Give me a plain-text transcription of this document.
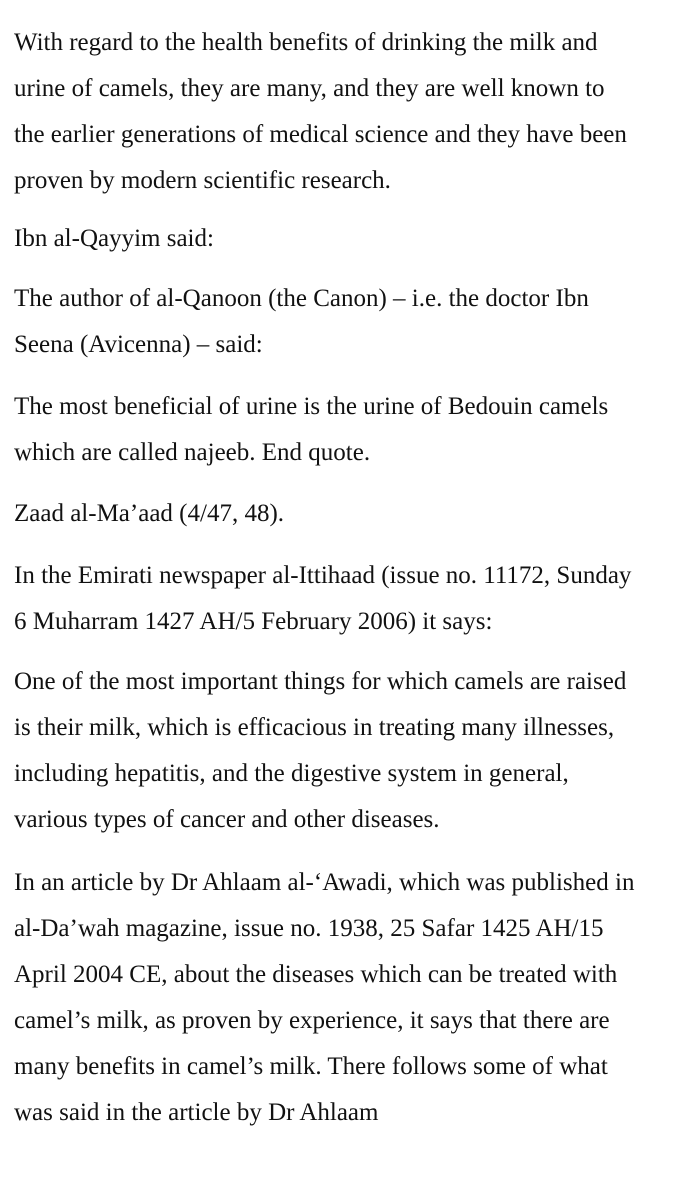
With regard to the health benefits of drinking the milk and
urine of camels, they are many, and they are well known to
the earlier generations of medical science and they have been
proven by modern scientific research.

Ibn al-Qayyim said:

The author of al-Qanoon (the Canon) – i.e. the doctor Ibn
Seena (Avicenna) – said:

The most beneficial of urine is the urine of Bedouin camels
which are called najeeb. End quote.

Zaad al-Ma’aad (4/47, 48).

In the Emirati newspaper al-Ittihaad (issue no. 11172, Sunday
6 Muharram 1427 AH/5 February 2006) it says:

One of the most important things for which camels are raised
is their milk, which is efficacious in treating many illnesses,
including hepatitis, and the digestive system in general,
various types of cancer and other diseases.

In an article by Dr Ahlaam al-‘Awadi, which was published in
al-Da’wah magazine, issue no. 1938, 25 Safar 1425 AH/15
April 2004 CE, about the diseases which can be treated with
camel’s milk, as proven by experience, it says that there are
many benefits in camel’s milk. There follows some of what
was said in the article by Dr Ahlaam
